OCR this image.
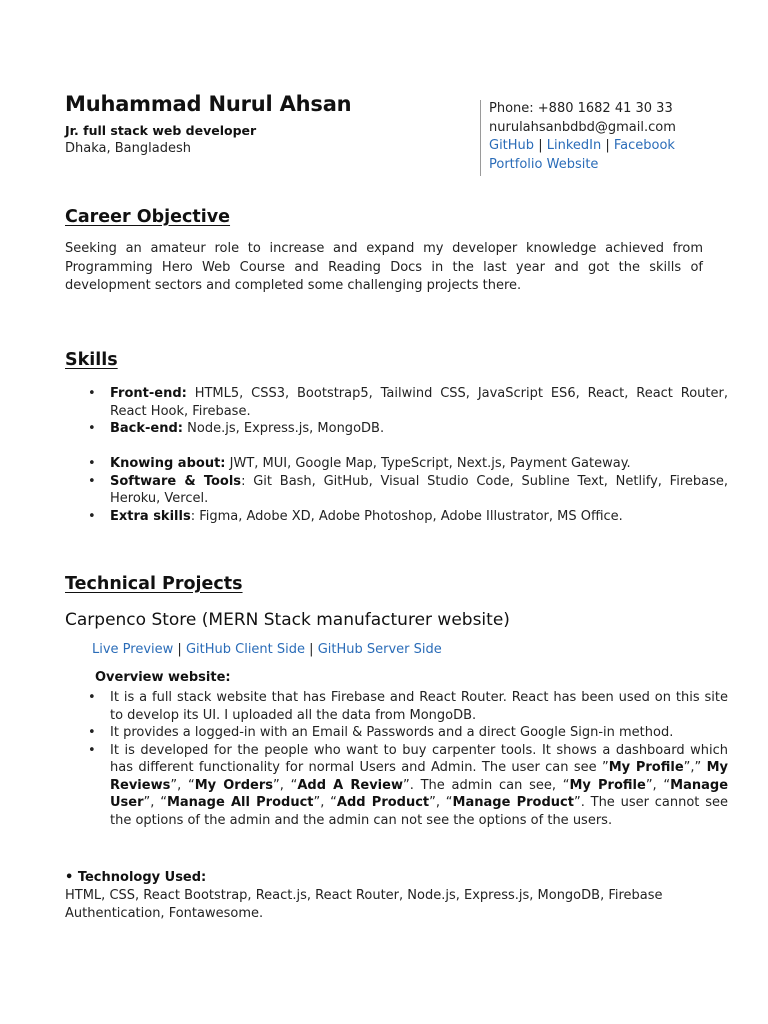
Muhammad Nurul Ahsan
Jr. full stack web developer
Dhaka, Bangladesh
Phone: +880 1682 41 30 33
nurulahsanbdbd@gmail.com
GitHub | LinkedIn | Facebook
Portfolio Website
Career Objective

Seeking an amateur role to increase and expand my developer knowledge achieved from Programming Hero Web Course and Reading Docs in the last year and got the skills of development sectors and completed some challenging projects there.

Skills
• Front-end: HTML5, CSS3, Bootstrap5, Tailwind CSS, JavaScript ES6, React, React Router, React Hook, Firebase.
• Back-end: Node.js, Express.js, MongoDB.
• Knowing about: JWT, MUI, Google Map, TypeScript, Next.js, Payment Gateway.
• Software & Tools: Git Bash, GitHub, Visual Studio Code, Subline Text, Netlify, Firebase, Heroku, Vercel.
• Extra skills: Figma, Adobe XD, Adobe Photoshop, Adobe Illustrator, MS Office.
Technical Projects
Carpenco Store (MERN Stack manufacturer website)
Live Preview | GitHub Client Side | GitHub Server Side
Overview website:
• It is a full stack website that has Firebase and React Router. React has been used on this site to develop its UI. I uploaded all the data from MongoDB.
• It provides a logged-in with an Email & Passwords and a direct Google Sign-in method.
• It is developed for the people who want to buy carpenter tools. It shows a dashboard which has different functionality for normal Users and Admin. The user can see ”My Profile”,” My Reviews”, “My Orders”, “Add A Review”. The admin can see, “My Profile”, “Manage User”, “Manage All Product”, “Add Product”, “Manage Product”. The user cannot see the options of the admin and the admin can not see the options of the users.
• Technology Used:

HTML, CSS, React Bootstrap, React.js, React Router, Node.js, Express.js, MongoDB, Firebase Authentication, Fontawesome.
